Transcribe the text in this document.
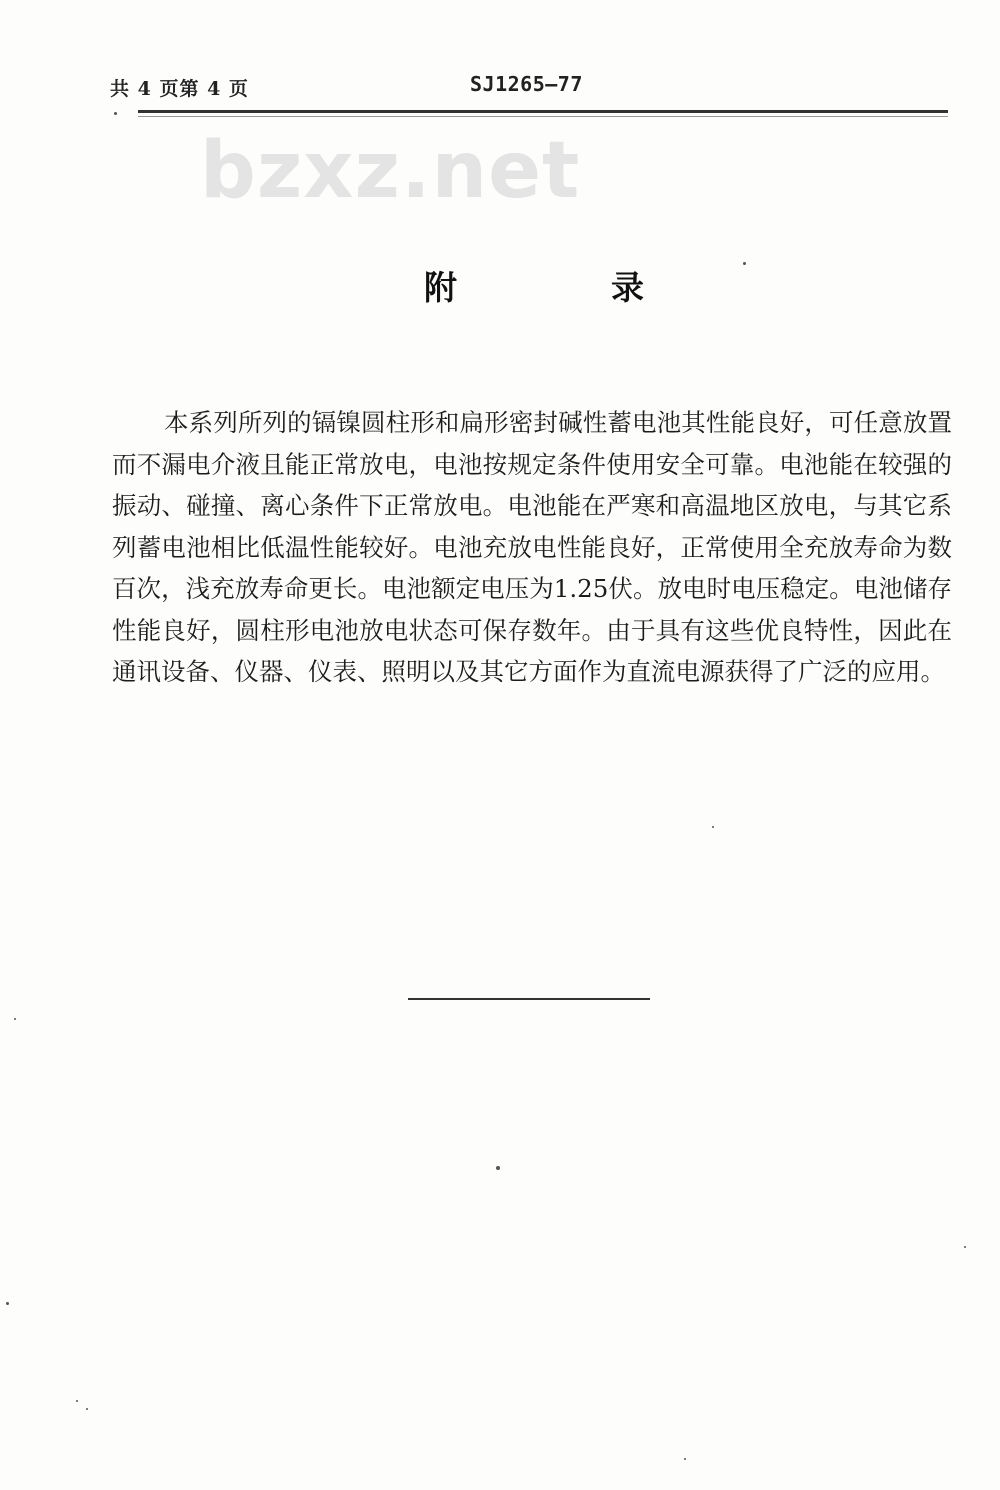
共 4 页第 4 页	SJ1265—77
bzxz.net
附	录
本系列所列的镉镍圆柱形和扁形密封碱性蓄电池其性能良好，可任意放置而不漏电介液且能正常放电，电池按规定条件使用安全可靠。电池能在较强的振动、碰撞、离心条件下正常放电。电池能在严寒和高温地区放电，与其它系列蓄电池相比低温性能较好。电池充放电性能良好，正常使用全充放寿命为数百次，浅充放寿命更长。电池额定电压为1.25伏。放电时电压稳定。电池储存性能良好，圆柱形电池放电状态可保存数年。由于具有这些优良特性，因此在通讯设备、仪器、仪表、照明以及其它方面作为直流电源获得了广泛的应用。
